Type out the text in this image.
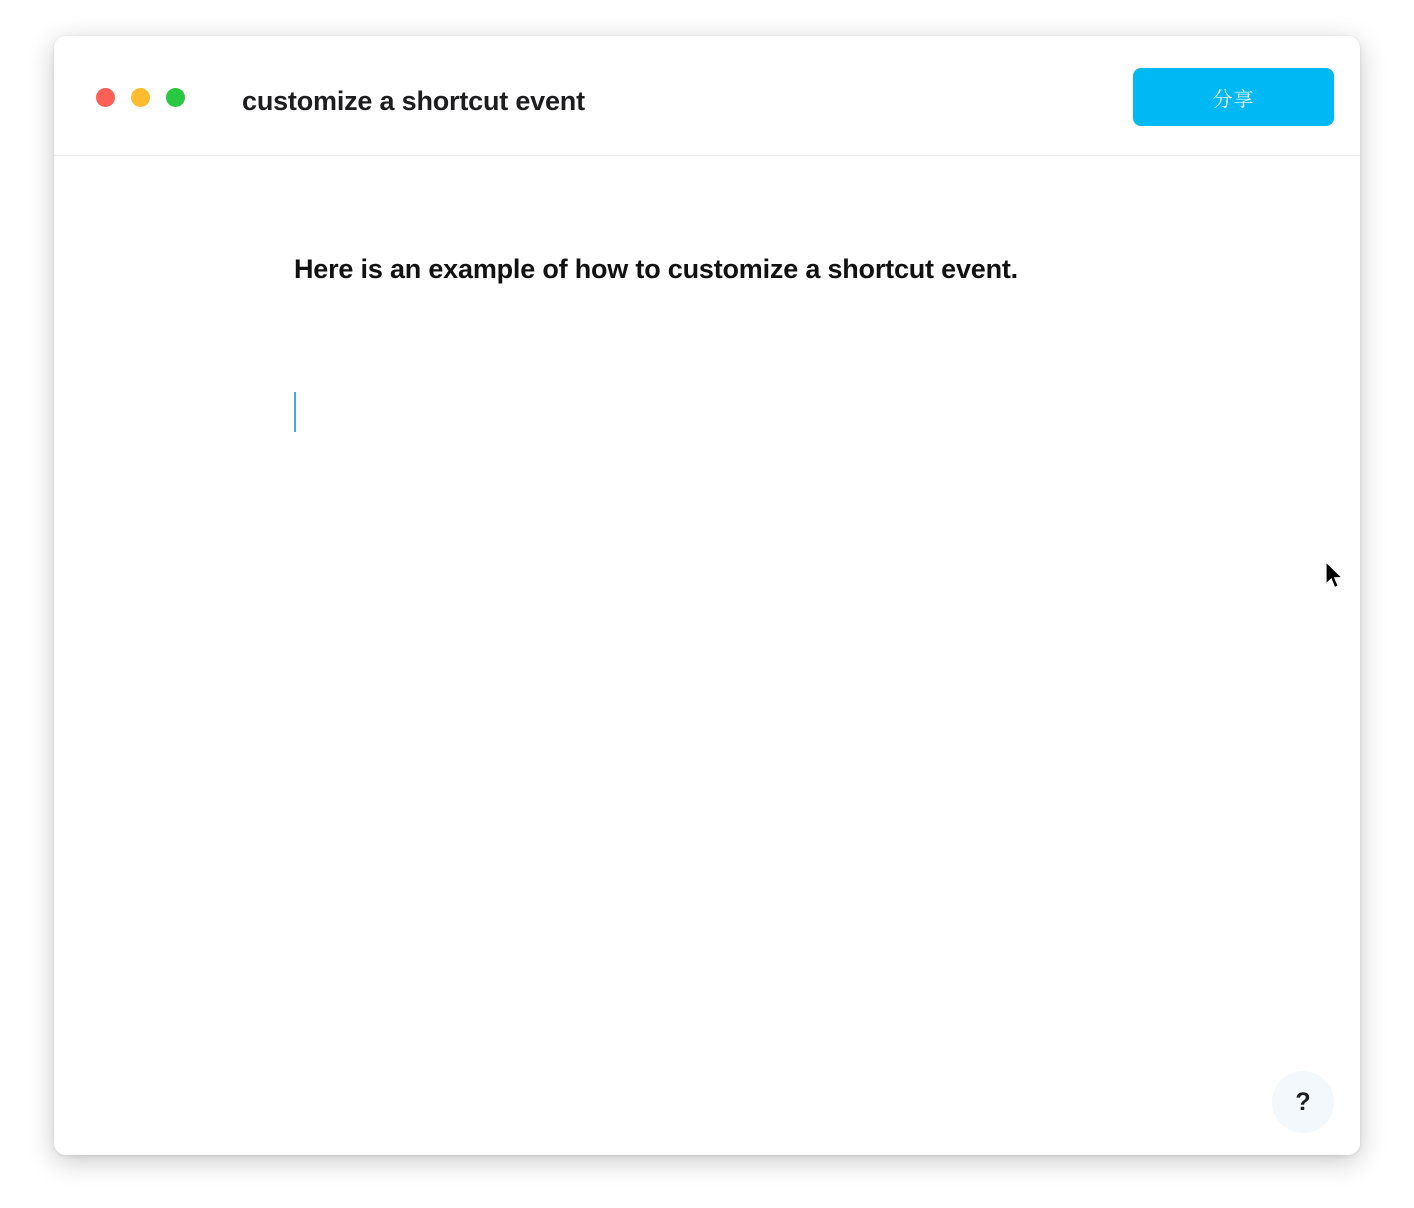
customize a shortcut event	分享
Here is an example of how to customize a shortcut event.
?
